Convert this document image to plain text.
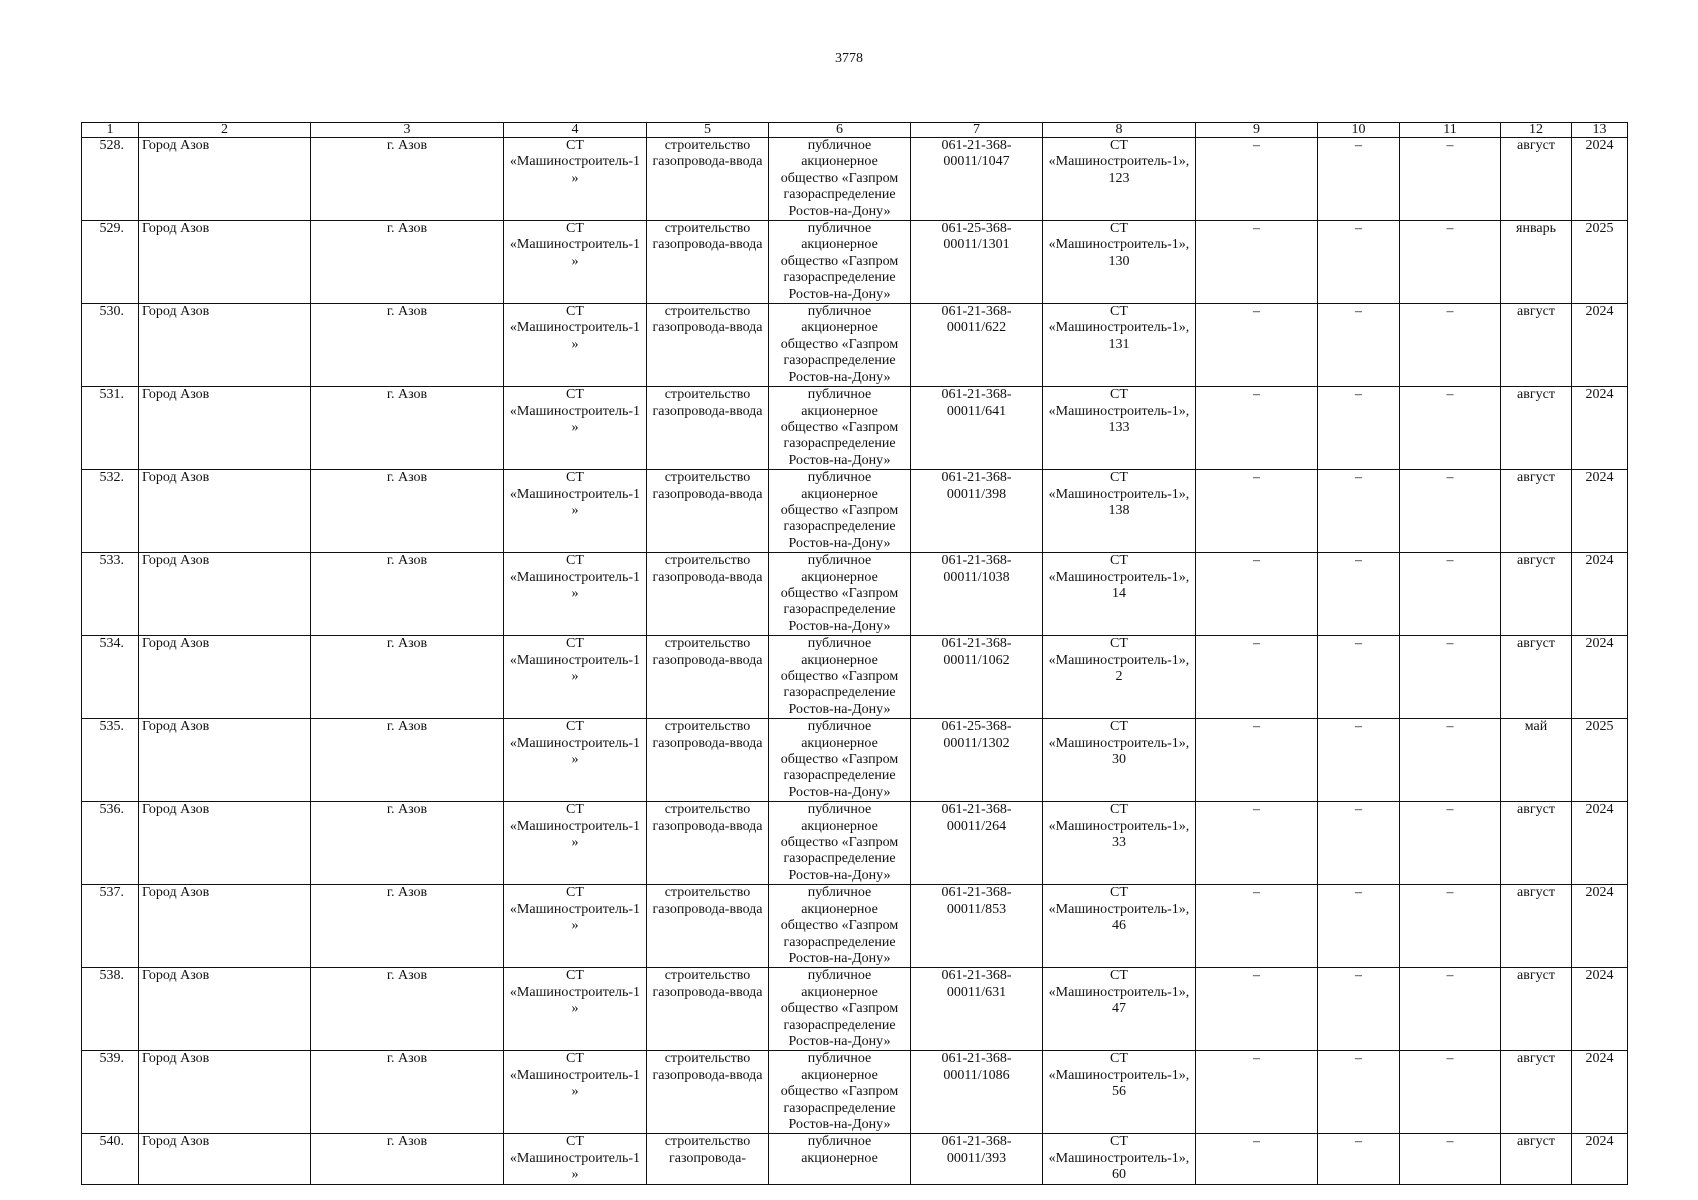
3778
1	2	3	4	5	6	7	8	9	10	11	12	13
528.	Город Азов	г. Азов	СТ «Машиностроитель-1»	строительство газопровода-ввода	публичное акционерное общество «Газпром газораспределение Ростов-на-Дону»	061-21-368-00011/1047	СТ «Машиностроитель-1», 123	–	–	–	август	2024
529.	Город Азов	г. Азов	СТ «Машиностроитель-1»	строительство газопровода-ввода	публичное акционерное общество «Газпром газораспределение Ростов-на-Дону»	061-25-368-00011/1301	СТ «Машиностроитель-1», 130	–	–	–	январь	2025
530.	Город Азов	г. Азов	СТ «Машиностроитель-1»	строительство газопровода-ввода	публичное акционерное общество «Газпром газораспределение Ростов-на-Дону»	061-21-368-00011/622	СТ «Машиностроитель-1», 131	–	–	–	август	2024
531.	Город Азов	г. Азов	СТ «Машиностроитель-1»	строительство газопровода-ввода	публичное акционерное общество «Газпром газораспределение Ростов-на-Дону»	061-21-368-00011/641	СТ «Машиностроитель-1», 133	–	–	–	август	2024
532.	Город Азов	г. Азов	СТ «Машиностроитель-1»	строительство газопровода-ввода	публичное акционерное общество «Газпром газораспределение Ростов-на-Дону»	061-21-368-00011/398	СТ «Машиностроитель-1», 138	–	–	–	август	2024
533.	Город Азов	г. Азов	СТ «Машиностроитель-1»	строительство газопровода-ввода	публичное акционерное общество «Газпром газораспределение Ростов-на-Дону»	061-21-368-00011/1038	СТ «Машиностроитель-1», 14	–	–	–	август	2024
534.	Город Азов	г. Азов	СТ «Машиностроитель-1»	строительство газопровода-ввода	публичное акционерное общество «Газпром газораспределение Ростов-на-Дону»	061-21-368-00011/1062	СТ «Машиностроитель-1», 2	–	–	–	август	2024
535.	Город Азов	г. Азов	СТ «Машиностроитель-1»	строительство газопровода-ввода	публичное акционерное общество «Газпром газораспределение Ростов-на-Дону»	061-25-368-00011/1302	СТ «Машиностроитель-1», 30	–	–	–	май	2025
536.	Город Азов	г. Азов	СТ «Машиностроитель-1»	строительство газопровода-ввода	публичное акционерное общество «Газпром газораспределение Ростов-на-Дону»	061-21-368-00011/264	СТ «Машиностроитель-1», 33	–	–	–	август	2024
537.	Город Азов	г. Азов	СТ «Машиностроитель-1»	строительство газопровода-ввода	публичное акционерное общество «Газпром газораспределение Ростов-на-Дону»	061-21-368-00011/853	СТ «Машиностроитель-1», 46	–	–	–	август	2024
538.	Город Азов	г. Азов	СТ «Машиностроитель-1»	строительство газопровода-ввода	публичное акционерное общество «Газпром газораспределение Ростов-на-Дону»	061-21-368-00011/631	СТ «Машиностроитель-1», 47	–	–	–	август	2024
539.	Город Азов	г. Азов	СТ «Машиностроитель-1»	строительство газопровода-ввода	публичное акционерное общество «Газпром газораспределение Ростов-на-Дону»	061-21-368-00011/1086	СТ «Машиностроитель-1», 56	–	–	–	август	2024
540.	Город Азов	г. Азов	СТ «Машиностроитель-1»	строительство газопровода-	публичное акционерное	061-21-368-00011/393	СТ «Машиностроитель-1», 60	–	–	–	август	2024
